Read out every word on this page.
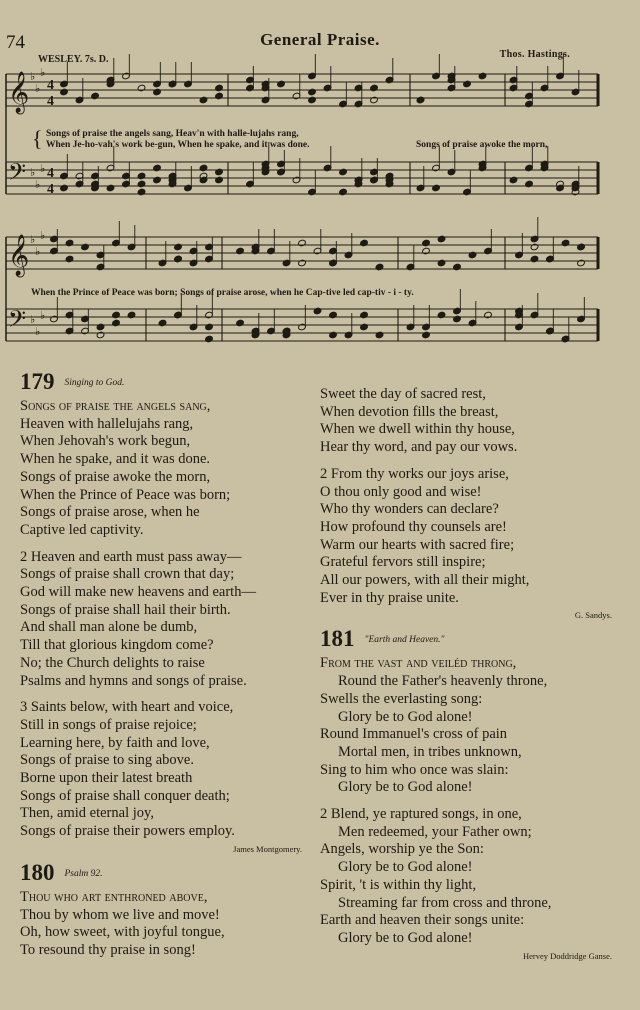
74	General Praise.
WESLEY. 7s. D.	Thos. Hastings.
𝄞 ♭
♭
♭
4
4
𝄢 ♭
♭
♭ 4
4
𝄞 ♭
♭
♭
𝄢 ♭
♭
♭
{ Songs of praise the angels sang, Heav'n with halle-lujahs rang,
When Je-ho-vah's work be-gun, When he spake, and it was done.	Songs of praise awoke the morn,
When the Prince of Peace was born; Songs of praise arose, when he Cap-tive led cap-tiv - i - ty.
179 $^{Singing to God.}$
Songs of praise the angels sang,
Heaven with hallelujahs rang,
When Jehovah's work begun,
When he spake, and it was done.
Songs of praise awoke the morn,
When the Prince of Peace was born;
Songs of praise arose, when he
Captive led captivity.
2 Heaven and earth must pass away—
Songs of praise shall crown that day;
God will make new heavens and earth—
Songs of praise shall hail their birth.
And shall man alone be dumb,
Till that glorious kingdom come?
No; the Church delights to raise
Psalms and hymns and songs of praise.
3 Saints below, with heart and voice,
Still in songs of praise rejoice;
Learning here, by faith and love,
Songs of praise to sing above.
Borne upon their latest breath
Songs of praise shall conquer death;
Then, amid eternal joy,
Songs of praise their powers employ.
James Montgomery.
180 $^{Psalm 92.}$
Thou who art enthroned above,
Thou by whom we live and move!
Oh, how sweet, with joyful tongue,
To resound thy praise in song!
Sweet the day of sacred rest,
When devotion fills the breast,
When we dwell within thy house,
Hear thy word, and pay our vows.
2 From thy works our joys arise,
O thou only good and wise!
Who thy wonders can declare?
How profound thy counsels are!
Warm our hearts with sacred fire;
Grateful fervors still inspire;
All our powers, with all their might,
Ever in thy praise unite.
G. Sandys.
181 $^{"Earth and Heaven."}$
From the vast and veiléd throng,
Round the Father's heavenly throne,
Swells the everlasting song:
Glory be to God alone!
Round Immanuel's cross of pain
Mortal men, in tribes unknown,
Sing to him who once was slain:
Glory be to God alone!
2 Blend, ye raptured songs, in one,
Men redeemed, your Father own;
Angels, worship ye the Son:
Glory be to God alone!
Spirit, 't is within thy light,
Streaming far from cross and throne,
Earth and heaven their songs unite:
Glory be to God alone!
Hervey Doddridge Ganse.
